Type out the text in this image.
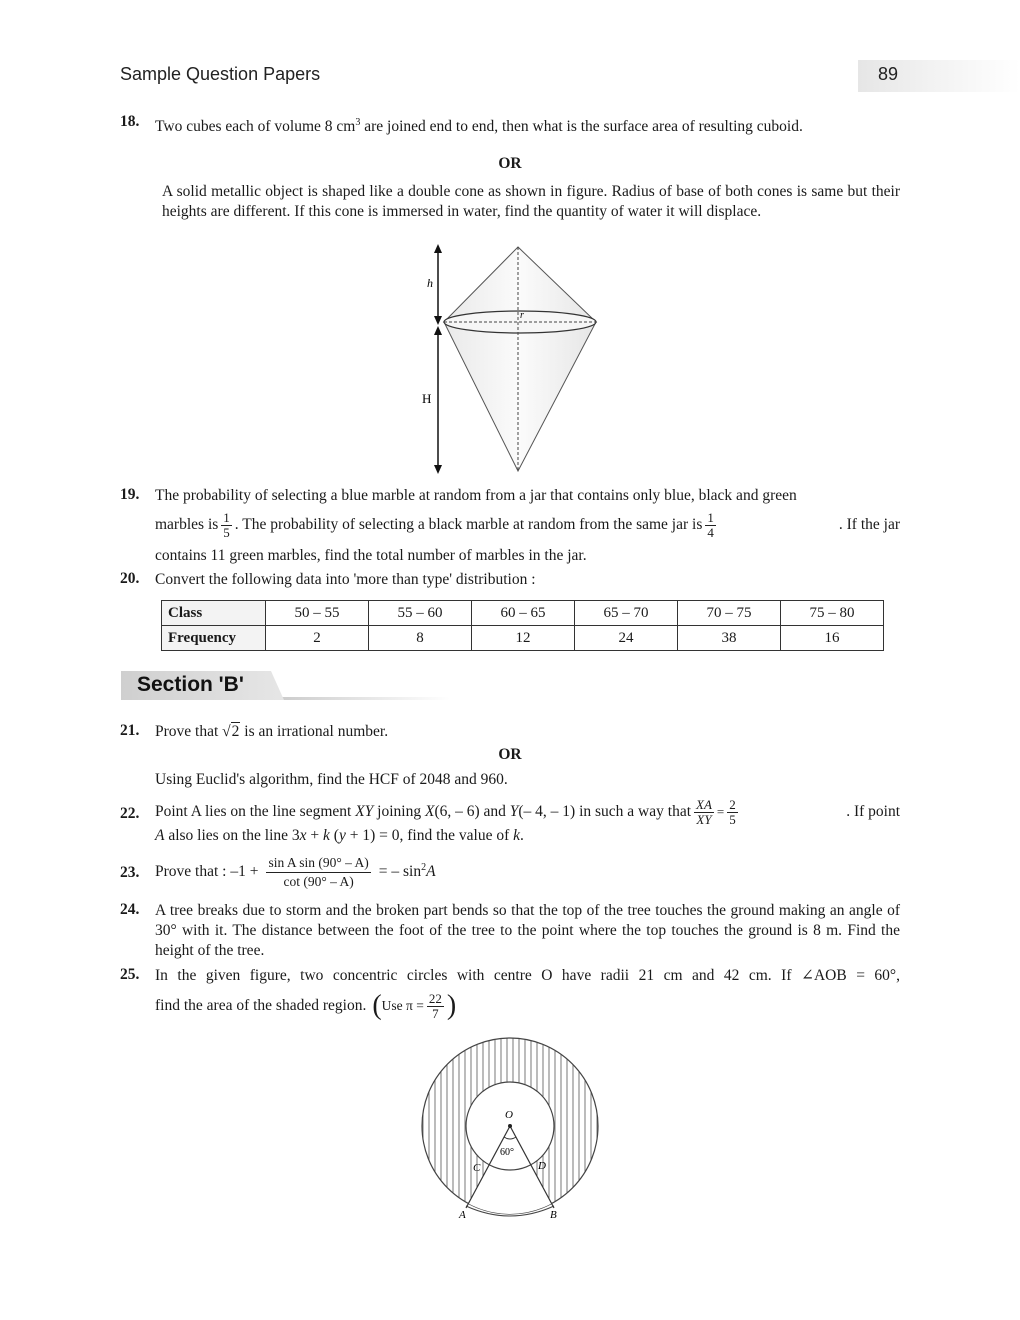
Sample Question Papers	89
18. Two cubes each of volume 8 $cm^3$ are joined end to end, then what is the surface area of resulting cuboid.
OR
A solid metallic object is shaped like a double cone as shown in figure. Radius of base of both cones is same but their heights are different. If this cone is immersed in water, find the quantity of water it will displace.
h
r
H
19. The probability of selecting a blue marble at random from a jar that contains only blue, black and green
marbles is $\frac{1}{5}$ . The probability of selecting a black marble at random from the same jar is $\frac{1}{4}$	. If the jar
contains 11 green marbles, find the total number of marbles in the jar.
20. Convert the following data into 'more than type' distribution :
Class	50 – 55	55 – 60	60 – 65	65 – 70	70 – 75	75 – 80
Frequency	2	8	12	24	38	16
Section 'B'
21. Prove that √2 is an irrational number.
OR
Using Euclid's algorithm, find the HCF of 2048 and 960.
22. Point A lies on the line segment
XY
joining
X (6, – 6) and
Y (– 4, – 1) in such a way that $\frac{XA}{XY} = \frac{2}{5}$	. If point
A also lies on the line 3x + k (y + 1) = 0, find the value of k.
23. Prove that : $-1 + \frac{\text{sin A sin (90° – A)}}{\cot (90^\circ - A)}$ = – $\sin^2 A$
24. A tree breaks due to storm and the broken part bends so that the top of the tree touches the ground making an angle of 30° with it. The distance between the foot of the tree to the point where the top touches the ground is 8 m. Find the height of the tree.
25. In the given figure, two concentric circles with centre O have radii 21 cm and 42 cm. If ∠AOB = 60°,
find the area of the shaded region. ( Use $\pi = \frac{22}{7}$ )
O
60°
C	D
A	B
